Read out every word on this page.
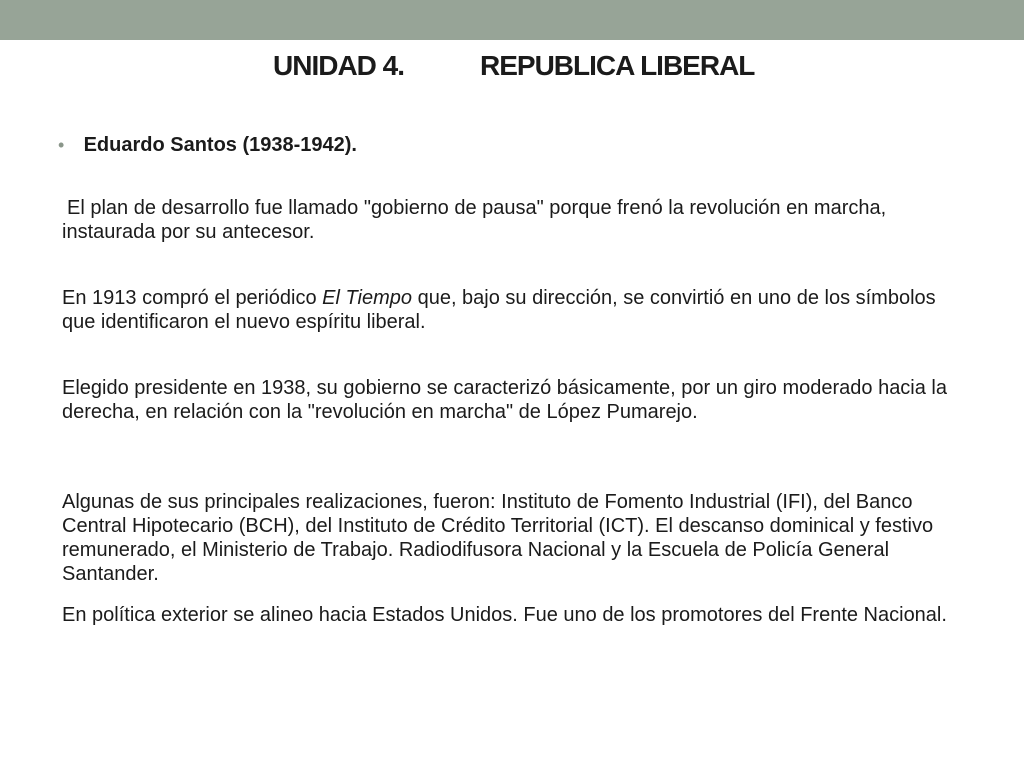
UNIDAD 4.	REPUBLICA LIBERAL
• Eduardo Santos (1938-1942).
El plan de desarrollo fue llamado "gobierno de pausa" porque frenó la revolución en marcha, instaurada por su antecesor.
En 1913 compró el periódico El Tiempo que, bajo su dirección, se convirtió en uno de los símbolos que identificaron el nuevo espíritu liberal.
Elegido presidente en 1938, su gobierno se caracterizó básicamente, por un giro moderado hacia la derecha, en relación con la "revolución en marcha" de López Pumarejo.
Algunas de sus principales realizaciones, fueron: Instituto de Fomento Industrial (IFI), del Banco Central Hipotecario (BCH), del Instituto de Crédito Territorial (ICT). El descanso dominical y festivo remunerado, el Ministerio de Trabajo. Radiodifusora Nacional y la Escuela de Policía General Santander.
En política exterior se alineo hacia Estados Unidos. Fue uno de los promotores del Frente Nacional.
